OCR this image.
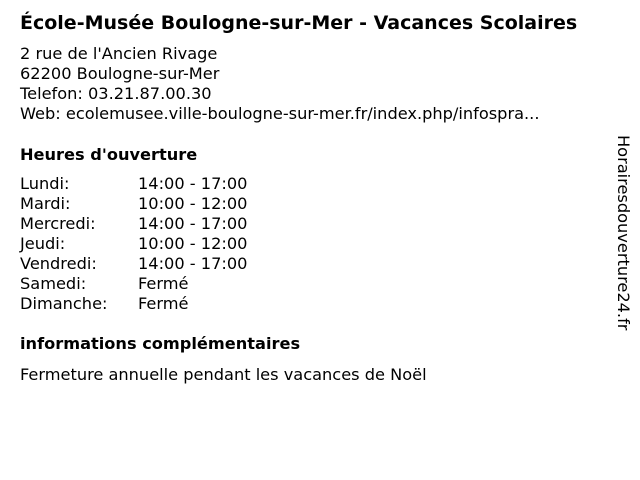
École-Musée Boulogne-sur-Mer - Vacances Scolaires
2 rue de l'Ancien Rivage
62200 Boulogne-sur-Mer
Telefon: 03.21.87.00.30
Web: ecolemusee.ville-boulogne-sur-mer.fr/index.php/infospra...
Heures d'ouverture
Lundi:	14:00 - 17:00
Mardi:	10:00 - 12:00
Mercredi:	14:00 - 17:00
Jeudi:	10:00 - 12:00
Vendredi:	14:00 - 17:00
Samedi:	Fermé
Dimanche:	Fermé
informations complémentaires
Fermeture annuelle pendant les vacances de Noël
Horairesdouverture24.fr
